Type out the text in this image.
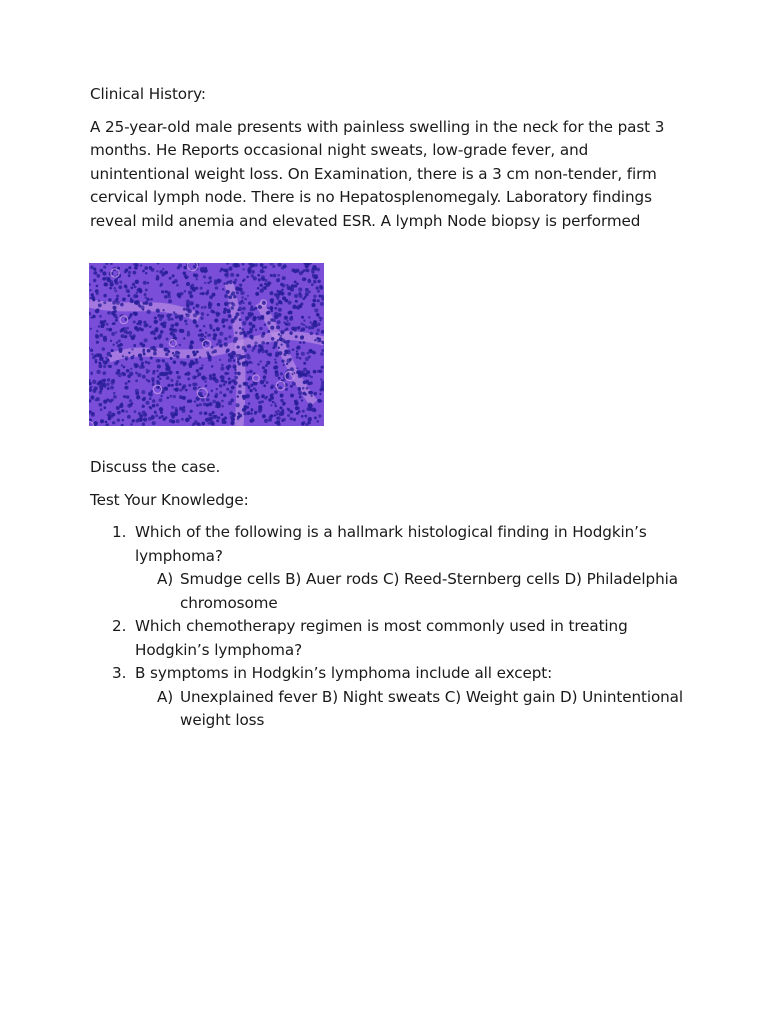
Clinical History:

A 25-year-old male presents with painless swelling in the neck for the past 3 months. He Reports occasional night sweats, low-grade fever, and unintentional weight loss. On Examination, there is a 3 cm non-tender, firm cervical lymph node. There is no Hepatosplenomegaly. Laboratory findings reveal mild anemia and elevated ESR. A lymph Node biopsy is performed

Discuss the case.

Test Your Knowledge:

1. Which of the following is a hallmark histological finding in Hodgkin’s lymphoma?
A) Smudge cells B) Auer rods C) Reed-Sternberg cells D) Philadelphia chromosome
2. Which chemotherapy regimen is most commonly used in treating Hodgkin’s lymphoma?
3. B symptoms in Hodgkin’s lymphoma include all except:
A) Unexplained fever B) Night sweats C) Weight gain D) Unintentional weight loss
